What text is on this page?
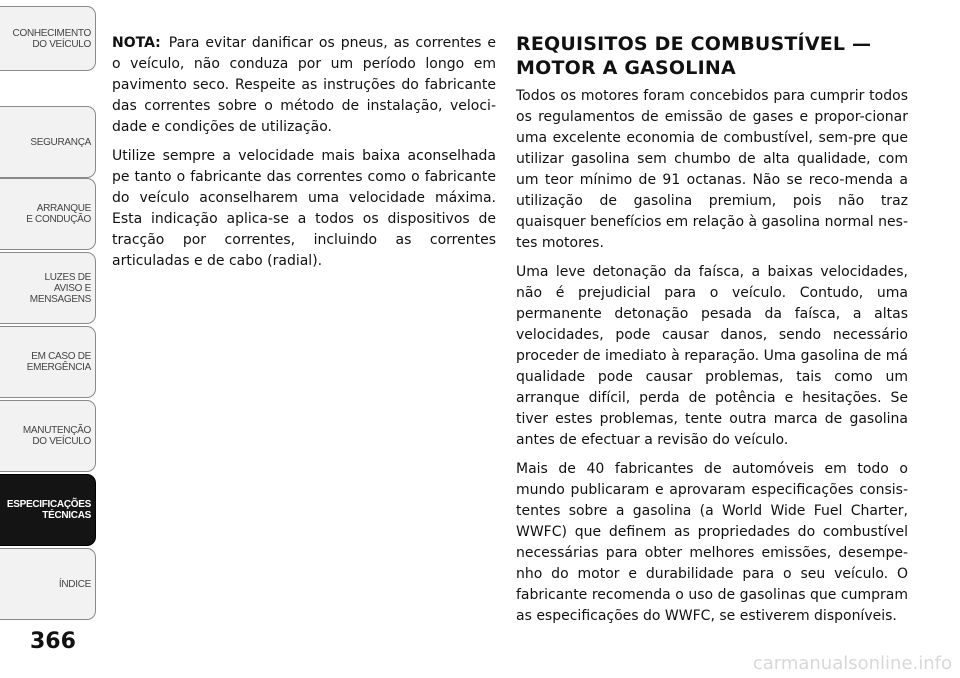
CONHECIMENTO
DO VEÍCULO
SEGURANÇA
ARRANQUE
E CONDUÇÃO
LUZES DE
AVISO E
MENSAGENS
EM CASO DE
EMERGÊNCIA
MANUTENÇÃO
DO VEÍCULO
ESPECIFICAÇÕES
TÉCNICAS
ÍNDICE
366

NOTA: Para evitar danificar os pneus, as correntes e o veículo, não conduza por um período longo em pavimento seco. Respeite as instruções do fabricante das correntes sobre o método de instalação, veloci-dade e condições de utilização.

Utilize sempre a velocidade mais baixa aconselhada pe tanto o fabricante das correntes como o fabricante do veículo aconselharem uma velocidade máxima. Esta indicação aplica-se a todos os dispositivos de tracção por correntes, incluindo as correntes articuladas e de cabo (radial).

REQUISITOS DE COMBUSTÍVEL — MOTOR A GASOLINA

Todos os motores foram concebidos para cumprir todos os regulamentos de emissão de gases e propor-cionar uma excelente economia de combustível, sem-pre que utilizar gasolina sem chumbo de alta qualidade, com um teor mínimo de 91 octanas. Não se reco-menda a utilização de gasolina premium, pois não traz quaisquer benefícios em relação à gasolina normal nes-tes motores.

Uma leve detonação da faísca, a baixas velocidades, não é prejudicial para o veículo. Contudo, uma permanente detonação pesada da faísca, a altas velocidades, pode causar danos, sendo necessário proceder de imediato à reparação. Uma gasolina de má qualidade pode causar problemas, tais como um arranque difícil, perda de potência e hesitações. Se tiver estes problemas, tente outra marca de gasolina antes de efectuar a revisão do veículo.

Mais de 40 fabricantes de automóveis em todo o mundo publicaram e aprovaram especificações consis-tentes sobre a gasolina (a World Wide Fuel Charter, WWFC) que definem as propriedades do combustível necessárias para obter melhores emissões, desempe-nho do motor e durabilidade para o seu veículo. O fabricante recomenda o uso de gasolinas que cumpram as especificações do WWFC, se estiverem disponíveis.

carmanualsonline.info
